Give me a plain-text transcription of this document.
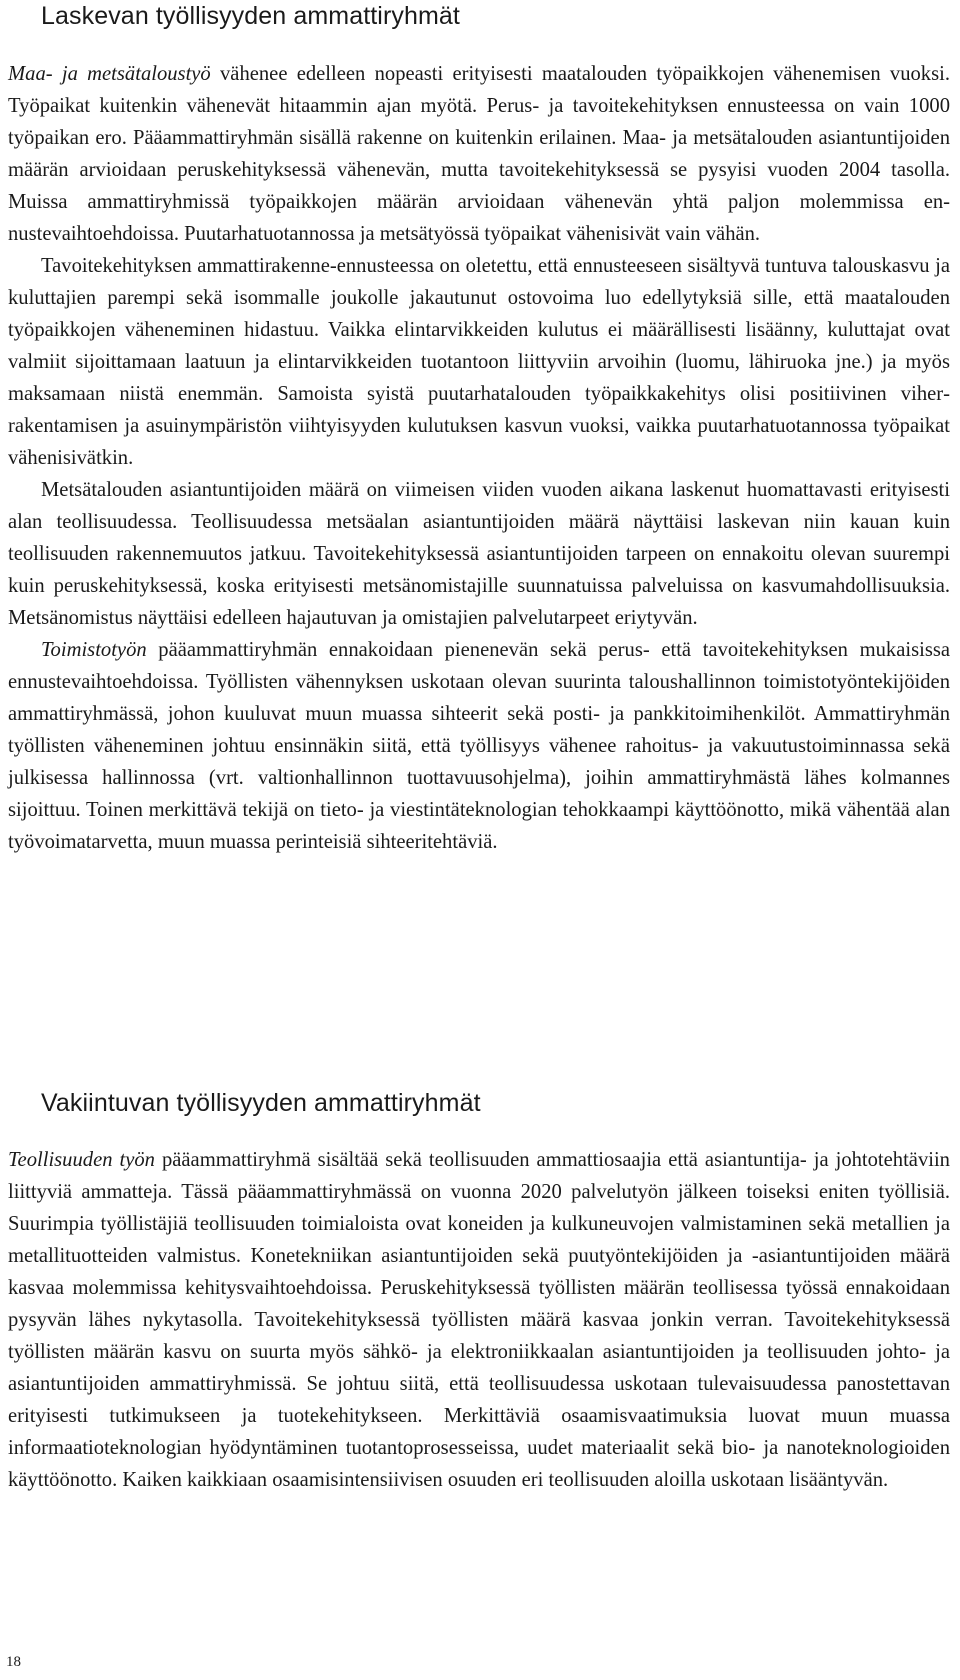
Laskevan työllisyyden ammattiryhmät

Maa- ja metsätaloustyö vähenee edelleen nopeasti erityisesti maatalouden työpaikkojen vähenemisen vuoksi. Työpaikat kuitenkin vähenevät hitaammin ajan myötä. Perus- ja tavoitekehityksen ennusteessa on vain 1000 työpaikan ero. Pääammattiryhmän sisällä rakenne on kuitenkin erilainen. Maa- ja metsätalouden asiantuntijoiden määrän arvioidaan peruskehityksessä vähenevän, mutta tavoitekehityksessä se pysyisi vuoden 2004 tasolla. Muissa ammattiryhmissä työpaikkojen määrän arvioidaan vähenevän yhtä paljon molemmissa ennustevaihtoehdoissa. Puutarhatuotannossa ja metsätyössä työpaikat vähenisivät vain vähän.

Tavoitekehityksen ammattirakenne-ennusteessa on oletettu, että ennusteeseen sisältyvä tuntuva talouskasvu ja kuluttajien parempi sekä isommalle joukolle jakautunut ostovoima luo edellytyksiä sille, että maatalouden työpaikkojen väheneminen hidastuu. Vaikka elintarvikkeiden kulutus ei määrällisesti lisäänny, kuluttajat ovat valmiit sijoittamaan laatuun ja elintarvikkeiden tuotantoon liittyviin arvoihin (luomu, lähiruoka jne.) ja myös maksamaan niistä enemmän. Samoista syistä puutarhatalouden työpaikkakehitys olisi positiivinen viherrakentamisen ja asuinympäristön viihtyisyyden kulutuksen kasvun vuoksi, vaikka puutarhatuotannossa työpaikat vähenisivätkin.

Metsätalouden asiantuntijoiden määrä on viimeisen viiden vuoden aikana laskenut huomattavasti erityisesti alan teollisuudessa. Teollisuudessa metsäalan asiantuntijoiden määrä näyttäisi laskevan niin kauan kuin teollisuuden rakennemuutos jatkuu. Tavoitekehityksessä asiantuntijoiden tarpeen on ennakoitu olevan suurempi kuin peruskehityksessä, koska erityisesti metsänomistajille suunnatuissa palveluissa on kasvumahdollisuuksia. Metsänomistus näyttäisi edelleen hajautuvan ja omistajien palvelutarpeet eriytyvän.

Toimistotyön pääammattiryhmän ennakoidaan pienenevän sekä perus- että tavoitekehityksen mukaisissa ennustevaihtoehdoissa. Työllisten vähennyksen uskotaan olevan suurinta taloushallinnon toimistotyöntekijöiden ammattiryhmässä, johon kuuluvat muun muassa sihteerit sekä posti- ja pankkitoimihenkilöt. Ammattiryhmän työllisten väheneminen johtuu ensinnäkin siitä, että työllisyys vähenee rahoitus- ja vakuutustoiminnassa sekä julkisessa hallinnossa (vrt. valtionhallinnon tuottavuusohjelma), joihin ammattiryhmästä lähes kolmannes sijoittuu. Toinen merkittävä tekijä on tieto- ja viestintäteknologian tehokkaampi käyttöönotto, mikä vähentää alan työvoimatarvetta, muun muassa perinteisiä sihteeritehtäviä.

Vakiintuvan työllisyyden ammattiryhmät

Teollisuuden työn pääammattiryhmä sisältää sekä teollisuuden ammattiosaajia että asiantuntija- ja johtotehtäviin liittyviä ammatteja. Tässä pääammattiryhmässä on vuonna 2020 palvelutyön jälkeen toiseksi eniten työllisiä. Suurimpia työllistäjiä teollisuuden toimialoista ovat koneiden ja kulkuneuvojen valmistaminen sekä metallien ja metallituotteiden valmistus. Konetekniikan asiantuntijoiden sekä puutyöntekijöiden ja -asiantuntijoiden määrä kasvaa molemmissa kehitysvaihtoehdoissa. Peruskehityksessä työllisten määrän teollisessa työssä ennakoidaan pysyvän lähes nykytasolla. Tavoitekehityksessä työllisten määrä kasvaa jonkin verran. Tavoitekehityksessä työllisten määrän kasvu on suurta myös sähkö- ja elektroniikkaalan asiantuntijoiden ja teollisuuden johto- ja asiantuntijoiden ammattiryhmissä. Se johtuu siitä, että teollisuudessa uskotaan tulevaisuudessa panostettavan erityisesti tutkimukseen ja tuotekehitykseen. Merkittäviä osaamisvaatimuksia luovat muun muassa informaatioteknologian hyödyntäminen tuotantoprosesseissa, uudet materiaalit sekä bio- ja nanoteknologioiden käyttöönotto. Kaiken kaikkiaan osaamisintensiivisen osuuden eri teollisuuden aloilla uskotaan lisääntyvän.

18
